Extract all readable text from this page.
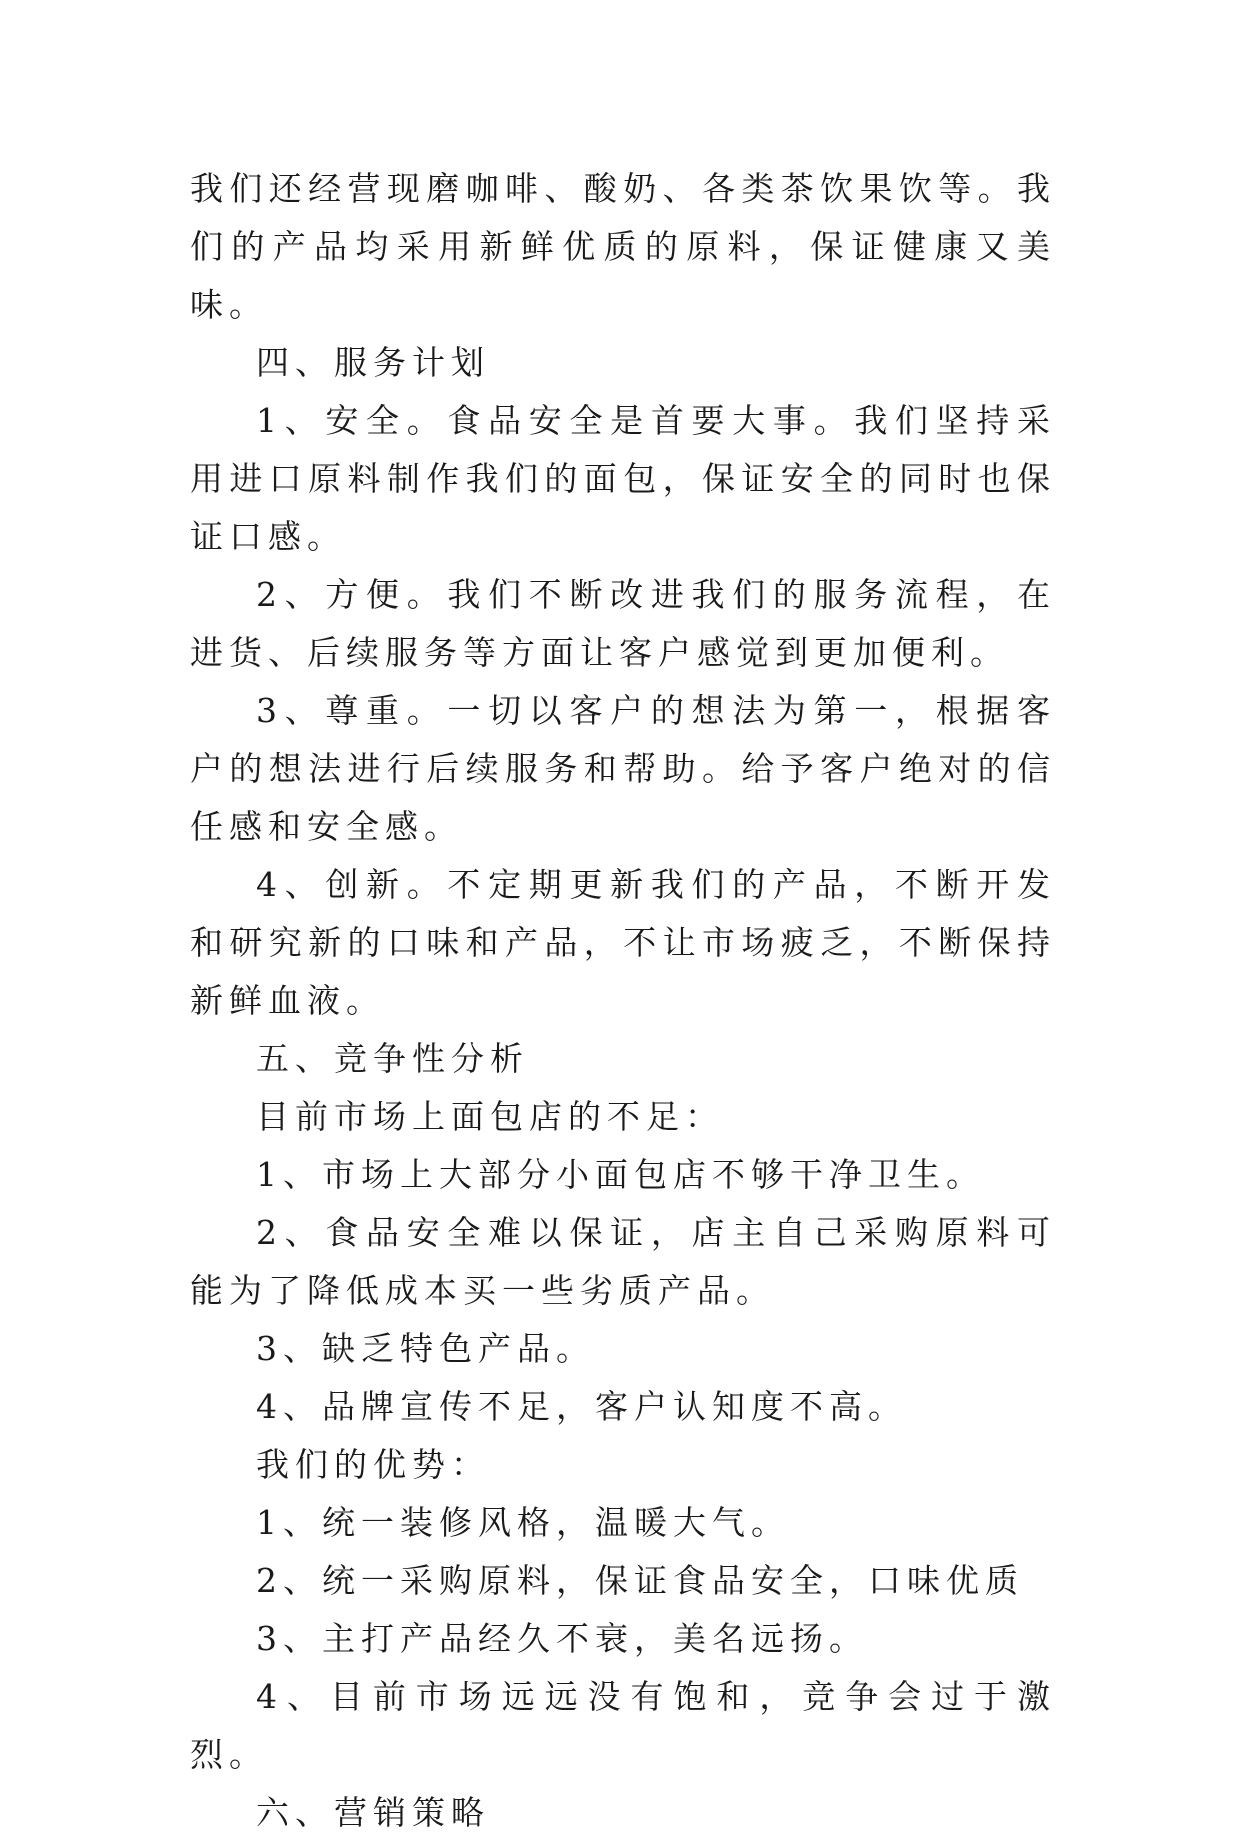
我们还经营现磨咖啡、酸奶、各类茶饮果饮等。我们的产品均采用新鲜优质的原料，保证健康又美味。

四、服务计划

1、安全。食品安全是首要大事。我们坚持采用进口原料制作我们的面包，保证安全的同时也保证口感。

2、方便。我们不断改进我们的服务流程，在进货、后续服务等方面让客户感觉到更加便利。

3、尊重。一切以客户的想法为第一，根据客户的想法进行后续服务和帮助。给予客户绝对的信任感和安全感。

4、创新。不定期更新我们的产品，不断开发和研究新的口味和产品，不让市场疲乏，不断保持新鲜血液。

五、竞争性分析

目前市场上面包店的不足：

1、市场上大部分小面包店不够干净卫生。

2、食品安全难以保证，店主自己采购原料可能为了降低成本买一些劣质产品。

3、缺乏特色产品。

4、品牌宣传不足，客户认知度不高。

我们的优势：

1、统一装修风格，温暖大气。

2、统一采购原料，保证食品安全，口味优质

3、主打产品经久不衰，美名远扬。

4、目前市场远远没有饱和，竞争会过于激烈。

六、营销策略
